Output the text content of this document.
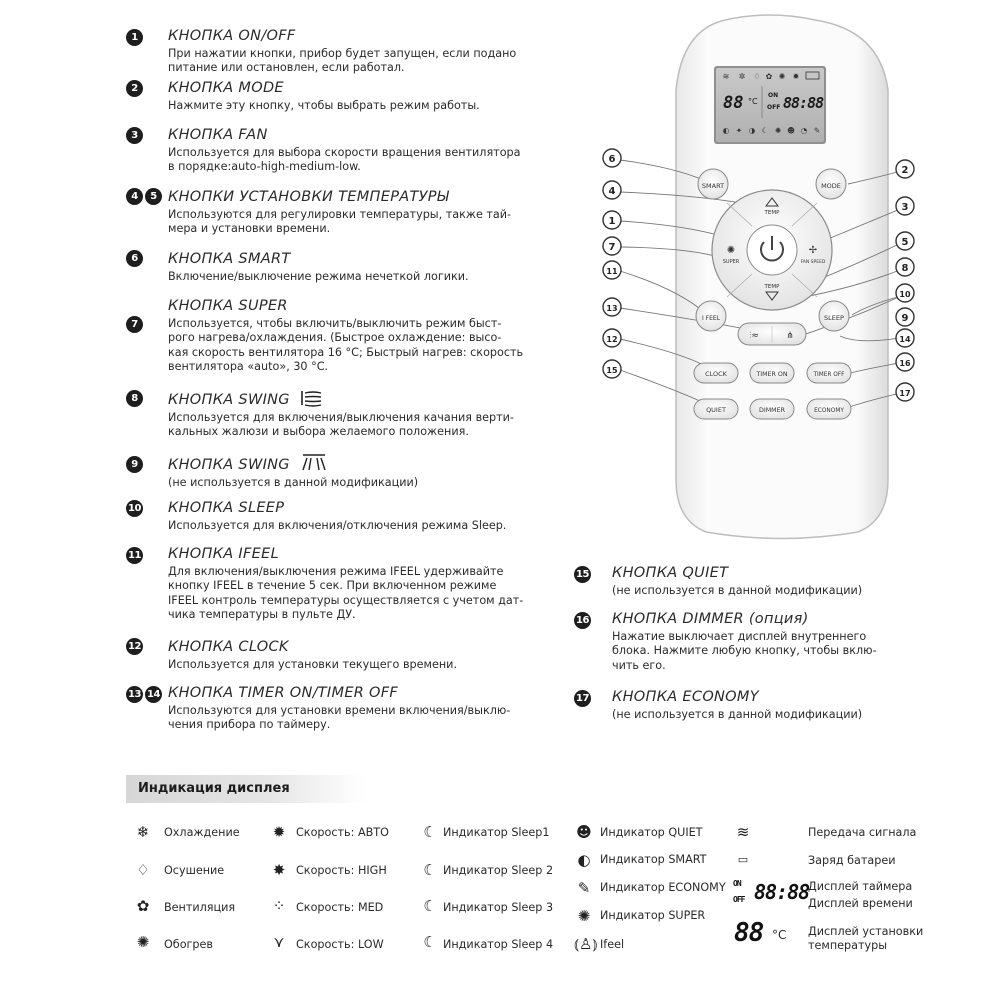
1	КНОПКА ON/OFF
При нажатии кнопки, прибор будет запущен, если подано
питание или остановлен, если работал.
2	КНОПКА MODE
Нажмите эту кнопку, чтобы выбрать режим работы.
3	КНОПКА FAN
Используется для выбора скорости вращения вентилятора
в порядке:auto-high-medium-low.
4	5 КНОПКИ УСТАНОВКИ ТЕМПЕРАТУРЫ
Используются для регулировки температуры, также тай-
мера и установки времени.
6	КНОПКА SMART
Включение/выключение режима нечеткой логики.
7
КНОПКА SUPER
Используется, чтобы включить/выключить режим быст-
рого нагрева/охлаждения. (Быстрое охлаждение: высо-
кая скорость вентилятора 16 °C; Быстрый нагрев: скорость
вентилятора «auto», 30 °C.
8	КНОПКА SWING
Используется для включения/выключения качания верти-
кальных жалюзи и выбора желаемого положения.
9	КНОПКА SWING
(не используется в данной модификации)
10 КНОПКА SLEEP
Используется для включения/отключения режима Sleep.
11 КНОПКА IFEEL
Для включения/выключения режима IFEEL удерживайте
кнопку IFEEL в течение 5 сек. При включенном режиме
IFEEL контроль температуры осуществляется с учетом дат-
чика температуры в пульте ДУ.
12 КНОПКА CLOCK
Используется для установки текущего времени.
13 14 КНОПКА TIMER ON/TIMER OFF
Используются для установки времени включения/выклю-
чения прибора по таймеру.
15 КНОПКА QUIET
(не используется в данной модификации)
16 КНОПКА DIMMER (опция)
Нажатие выключает дисплей внутреннего
блока. Нажмите любую кнопку, чтобы вклю-
чить его.
17 КНОПКА ECONOMY
(не используется в данной модификации)
≋ ✲ ♢ ✿ ✺ ✹
88 °C
ON
OFF 88:88
◐ ✦ ◑ ☾ ✺ ☻ ◔ ✎
6
4
1
7
11
13
12
15
2
3
5
8
9
10
14
16
17
SMART	MODE
TEMP
TEMP
✺
SUPER
✢
FAN SPEED
I FEEL	SLEEP
⫶≈	⋔
CLOCK	TIMER ON	TIMER OFF
QUIET	DIMMER	ECONOMY
Индикация дисплея
❄	Охлаждение
♢ Осушение
✿	Вентиляция
✺	Обогрев
✹ Скорость: АВТО
✸ Скорость: HIGH
⁘ Скорость: MED
⋎	Скорость: LOW
☾ Индикатор Sleep1
☾ Индикатор Sleep 2
☾ Индикатор Sleep 3
☾ Индикатор Sleep 4
☻ Индикатор QUIET
◐ Индикатор SMART
✎ Индикатор ECONOMY
✺ Индикатор SUPER
⦅♙⦆ Ifeel
≋	Передача сигнала
▭	Заряд батареи
ON
OFF 88:88
Дисплей таймера
Дисплей времени
88 °C Дисплей установки
температуры
